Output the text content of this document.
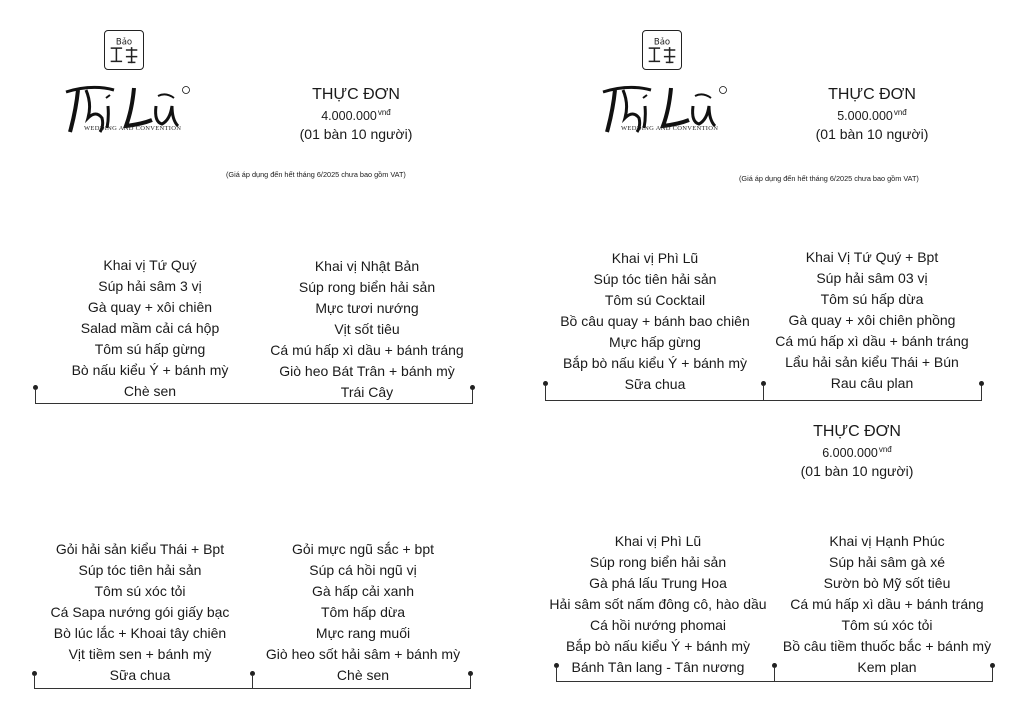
Bảo
WEDDING AND CONVENTION
Bảo
WEDDING AND CONVENTION
THỰC ĐƠN
$4.000.000^{vnđ}$
(01 bàn 10 người)
(Giá áp dụng đến hết tháng 6/2025 chưa bao gồm VAT)
THỰC ĐƠN
$5.000.000^{vnđ}$
(01 bàn 10 người)
(Giá áp dụng đến hết tháng 6/2025 chưa bao gồm VAT)
THỰC ĐƠN
$6.000.000^{vnđ}$
(01 bàn 10 người)
Khai vị Tứ Quý
Súp hải sâm 3 vị
Gà quay + xôi chiên
Salad mầm cải cá hộp
Tôm sú hấp gừng
Bò nấu kiểu Ý + bánh mỳ
Chè sen
Khai vị Nhật Bản
Súp rong biển hải sản
Mực tươi nướng
Vịt sốt tiêu
Cá mú hấp xì dầu + bánh tráng
Giò heo Bát Trân + bánh mỳ
Trái Cây
Khai vị Phì Lũ
Súp tóc tiên hải sản
Tôm sú Cocktail
Bồ câu quay + bánh bao chiên
Mực hấp gừng
Bắp bò nấu kiểu Ý + bánh mỳ
Sữa chua
Khai Vị Tứ Quý + Bpt
Súp hải sâm 03 vị
Tôm sú hấp dừa
Gà quay + xôi chiên phồng
Cá mú hấp xì dầu + bánh tráng
Lẩu hải sản kiểu Thái + Bún
Rau câu plan
Gỏi hải sản kiểu Thái + Bpt
Súp tóc tiên hải sản
Tôm sú xóc tỏi
Cá Sapa nướng gói giấy bạc
Bò lúc lắc + Khoai tây chiên
Vịt tiềm sen + bánh mỳ
Sữa chua
Gỏi mực ngũ sắc + bpt
Súp cá hồi ngũ vị
Gà hấp cải xanh
Tôm hấp dừa
Mực rang muối
Giò heo sốt hải sâm + bánh mỳ
Chè sen
Khai vị Phì Lũ
Súp rong biển hải sản
Gà phá lấu Trung Hoa
Hải sâm sốt nấm đông cô, hào dầu
Cá hồi nướng phomai
Bắp bò nấu kiểu Ý + bánh mỳ
Bánh Tân lang - Tân nương
Khai vị Hạnh Phúc
Súp hải sâm gà xé
Sườn bò Mỹ sốt tiêu
Cá mú hấp xì dầu + bánh tráng
Tôm sú xóc tỏi
Bồ câu tiềm thuốc bắc + bánh mỳ
Kem plan
